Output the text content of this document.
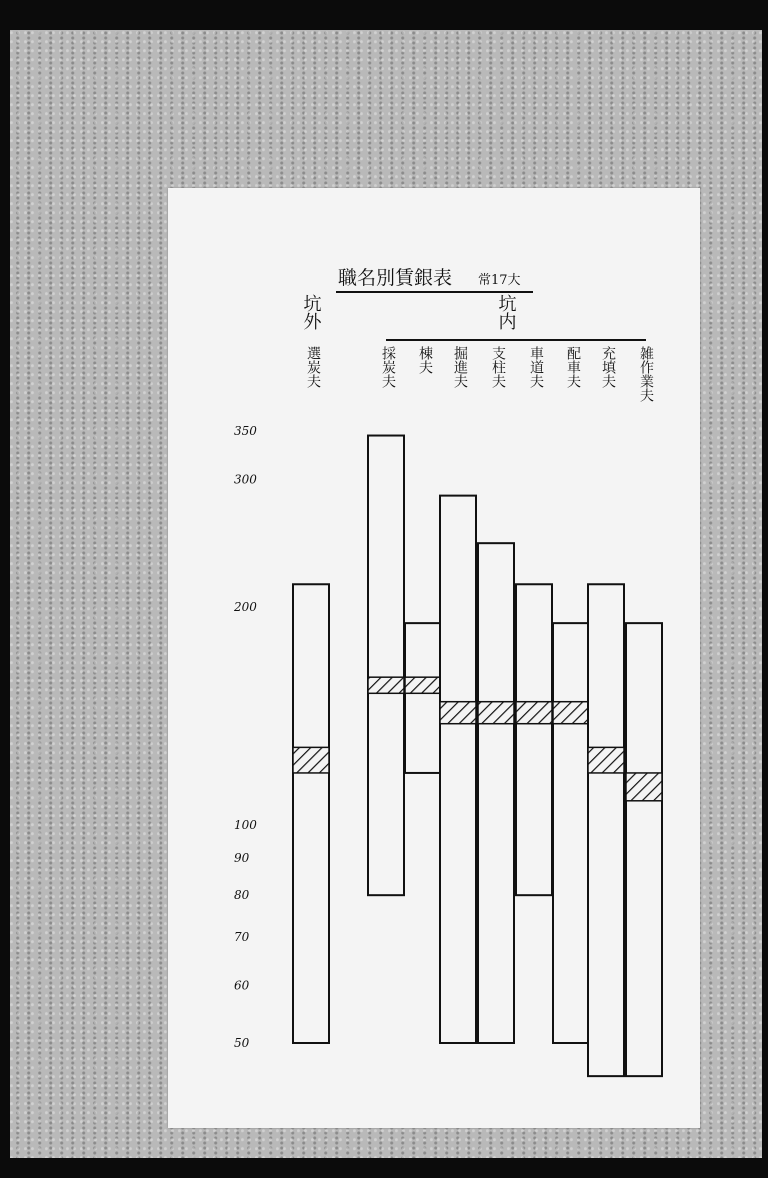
職名別賃銀表 常17大
坑外	坑内
選炭夫	採炭夫 棟夫 掘進夫 支柱夫 車道夫 配車夫 充填夫 雑作業夫
350
300
200
100
90
80
70
60
50
